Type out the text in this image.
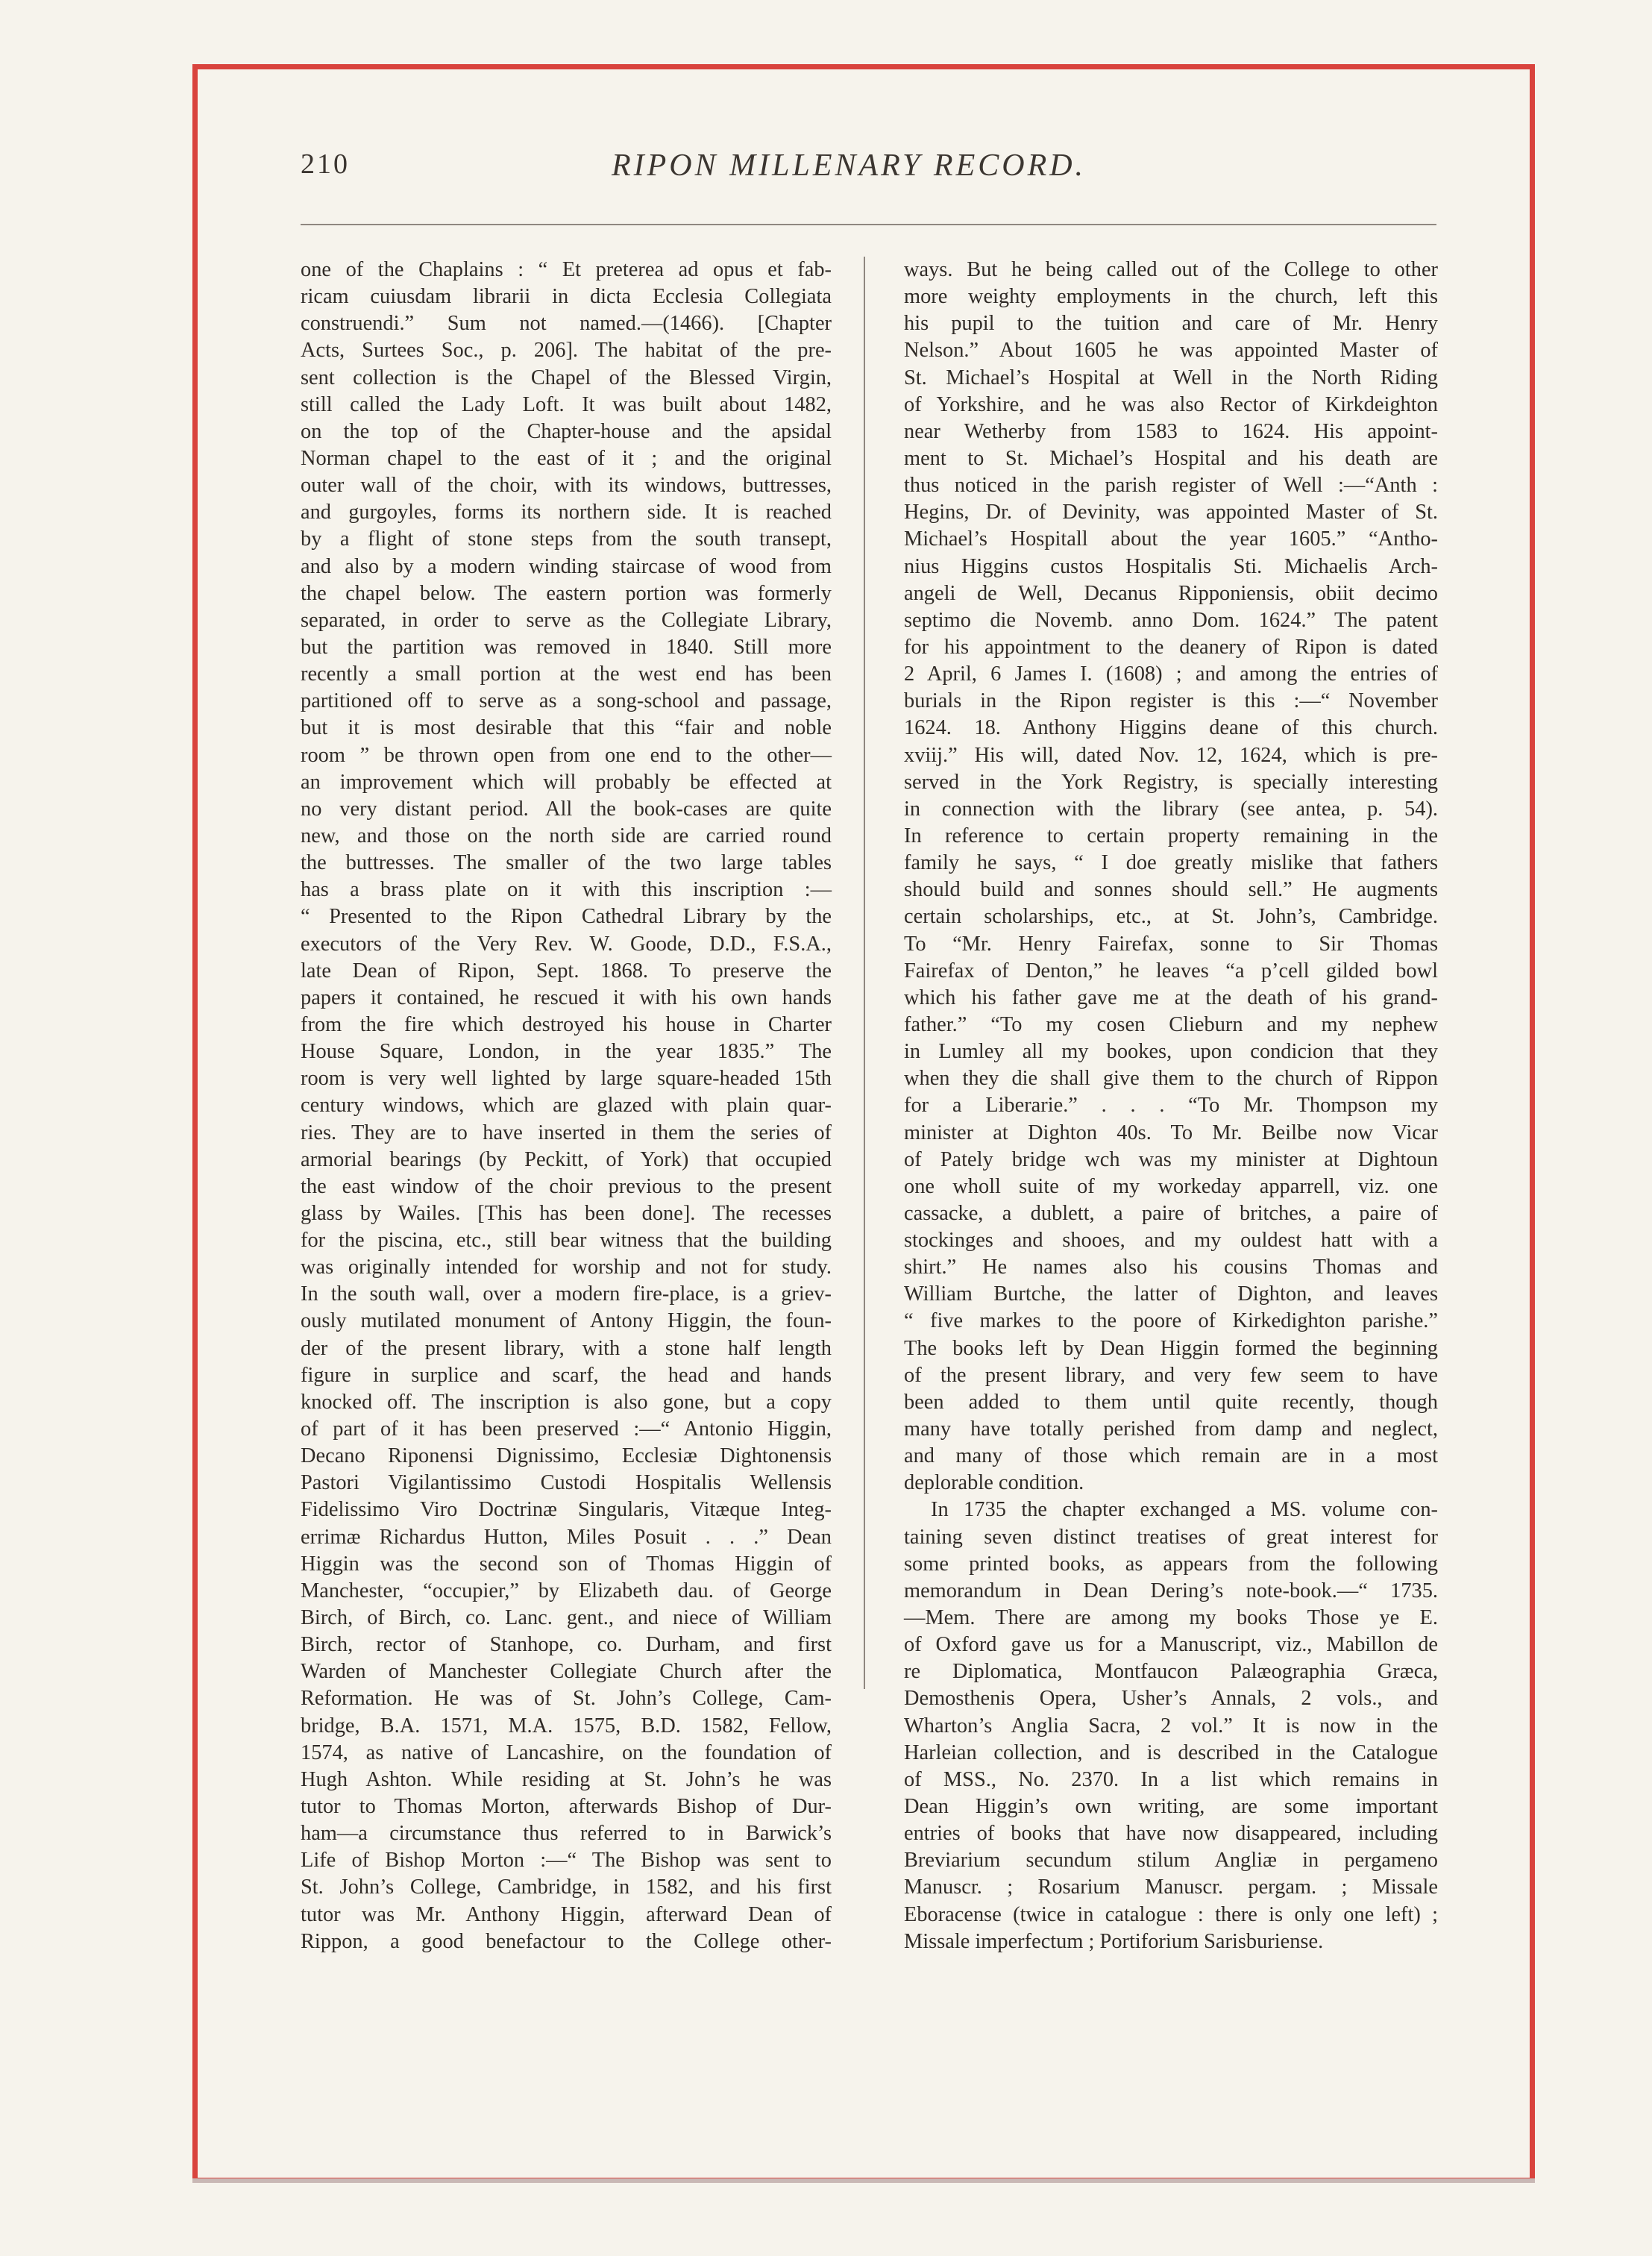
210	RIPON MILLENARY RECORD.
one of the Chaplains : “ Et preterea ad opus et fab-
ricam cuiusdam librarii in dicta Ecclesia Collegiata
construendi.” Sum not named.—(1466). [Chapter
Acts, Surtees Soc., p. 206]. The habitat of the pre-
sent collection is the Chapel of the Blessed Virgin,
still called the Lady Loft. It was built about 1482,
on the top of the Chapter-house and the apsidal
Norman chapel to the east of it ; and the original
outer wall of the choir, with its windows, buttresses,
and gurgoyles, forms its northern side. It is reached
by a flight of stone steps from the south transept,
and also by a modern winding staircase of wood from
the chapel below. The eastern portion was formerly
separated, in order to serve as the Collegiate Library,
but the partition was removed in 1840. Still more
recently a small portion at the west end has been
partitioned off to serve as a song-school and passage,
but it is most desirable that this “fair and noble
room ” be thrown open from one end to the other—
an improvement which will probably be effected at
no very distant period. All the book-cases are quite
new, and those on the north side are carried round
the buttresses. The smaller of the two large tables
has a brass plate on it with this inscription :—
“ Presented to the Ripon Cathedral Library by the
executors of the Very Rev. W. Goode, D.D., F.S.A.,
late Dean of Ripon, Sept. 1868. To preserve the
papers it contained, he rescued it with his own hands
from the fire which destroyed his house in Charter
House Square, London, in the year 1835.” The
room is very well lighted by large square-headed 15th
century windows, which are glazed with plain quar-
ries. They are to have inserted in them the series of
armorial bearings (by Peckitt, of York) that occupied
the east window of the choir previous to the present
glass by Wailes. [This has been done]. The recesses
for the piscina, etc., still bear witness that the building
was originally intended for worship and not for study.
In the south wall, over a modern fire-place, is a griev-
ously mutilated monument of Antony Higgin, the foun-
der of the present library, with a stone half length
figure in surplice and scarf, the head and hands
knocked off. The inscription is also gone, but a copy
of part of it has been preserved :—“ Antonio Higgin,
Decano Riponensi Dignissimo, Ecclesiæ Dightonensis
Pastori Vigilantissimo Custodi Hospitalis Wellensis
Fidelissimo Viro Doctrinæ Singularis, Vitæque Integ-
errimæ Richardus Hutton, Miles Posuit . . .” Dean
Higgin was the second son of Thomas Higgin of
Manchester, “occupier,” by Elizabeth dau. of George
Birch, of Birch, co. Lanc. gent., and niece of William
Birch, rector of Stanhope, co. Durham, and first
Warden of Manchester Collegiate Church after the
Reformation. He was of St. John’s College, Cam-
bridge, B.A. 1571, M.A. 1575, B.D. 1582, Fellow,
1574, as native of Lancashire, on the foundation of
Hugh Ashton. While residing at St. John’s he was
tutor to Thomas Morton, afterwards Bishop of Dur-
ham—a circumstance thus referred to in Barwick’s
Life of Bishop Morton :—“ The Bishop was sent to
St. John’s College, Cambridge, in 1582, and his first
tutor was Mr. Anthony Higgin, afterward Dean of
Rippon, a good benefactour to the College other-
ways. But he being called out of the College to other
more weighty employments in the church, left this
his pupil to the tuition and care of Mr. Henry
Nelson.” About 1605 he was appointed Master of
St. Michael’s Hospital at Well in the North Riding
of Yorkshire, and he was also Rector of Kirkdeighton
near Wetherby from 1583 to 1624. His appoint-
ment to St. Michael’s Hospital and his death are
thus noticed in the parish register of Well :—“Anth :
Hegins, Dr. of Devinity, was appointed Master of St.
Michael’s Hospitall about the year 1605.” “Antho-
nius Higgins custos Hospitalis Sti. Michaelis Arch-
angeli de Well, Decanus Ripponiensis, obiit decimo
septimo die Novemb. anno Dom. 1624.” The patent
for his appointment to the deanery of Ripon is dated
2 April, 6 James I. (1608) ; and among the entries of
burials in the Ripon register is this :—“ November
1624. 18. Anthony Higgins deane of this church.
xviij.” His will, dated Nov. 12, 1624, which is pre-
served in the York Registry, is specially interesting
in connection with the library (see antea, p. 54).
In reference to certain property remaining in the
family he says, “ I doe greatly mislike that fathers
should build and sonnes should sell.” He augments
certain scholarships, etc., at St. John’s, Cambridge.
To “Mr. Henry Fairefax, sonne to Sir Thomas
Fairefax of Denton,” he leaves “a p’cell gilded bowl
which his father gave me at the death of his grand-
father.” “To my cosen Clieburn and my nephew
in Lumley all my bookes, upon condicion that they
when they die shall give them to the church of Rippon
for a Liberarie.” . . . “To Mr. Thompson my
minister at Dighton 40s. To Mr. Beilbe now Vicar
of Pately bridge wch was my minister at Dightoun
one wholl suite of my workeday apparrell, viz. one
cassacke, a dublett, a paire of britches, a paire of
stockinges and shooes, and my ouldest hatt with a
shirt.” He names also his cousins Thomas and
William Burtche, the latter of Dighton, and leaves
“ five markes to the poore of Kirkedighton parishe.”
The books left by Dean Higgin formed the beginning
of the present library, and very few seem to have
been added to them until quite recently, though
many have totally perished from damp and neglect,
and many of those which remain are in a most
deplorable condition.
In 1735 the chapter exchanged a MS. volume con-
taining seven distinct treatises of great interest for
some printed books, as appears from the following
memorandum in Dean Dering’s note-book.—“ 1735.
—Mem. There are among my books Those ye E.
of Oxford gave us for a Manuscript, viz., Mabillon de
re Diplomatica, Montfaucon Palæographia Græca,
Demosthenis Opera, Usher’s Annals, 2 vols., and
Wharton’s Anglia Sacra, 2 vol.” It is now in the
Harleian collection, and is described in the Catalogue
of MSS., No. 2370. In a list which remains in
Dean Higgin’s own writing, are some important
entries of books that have now disappeared, including
Breviarium secundum stilum Angliæ in pergameno
Manuscr. ; Rosarium Manuscr. pergam. ; Missale
Eboracense (twice in catalogue : there is only one left) ;
Missale imperfectum ; Portiforium Sarisburiense.
